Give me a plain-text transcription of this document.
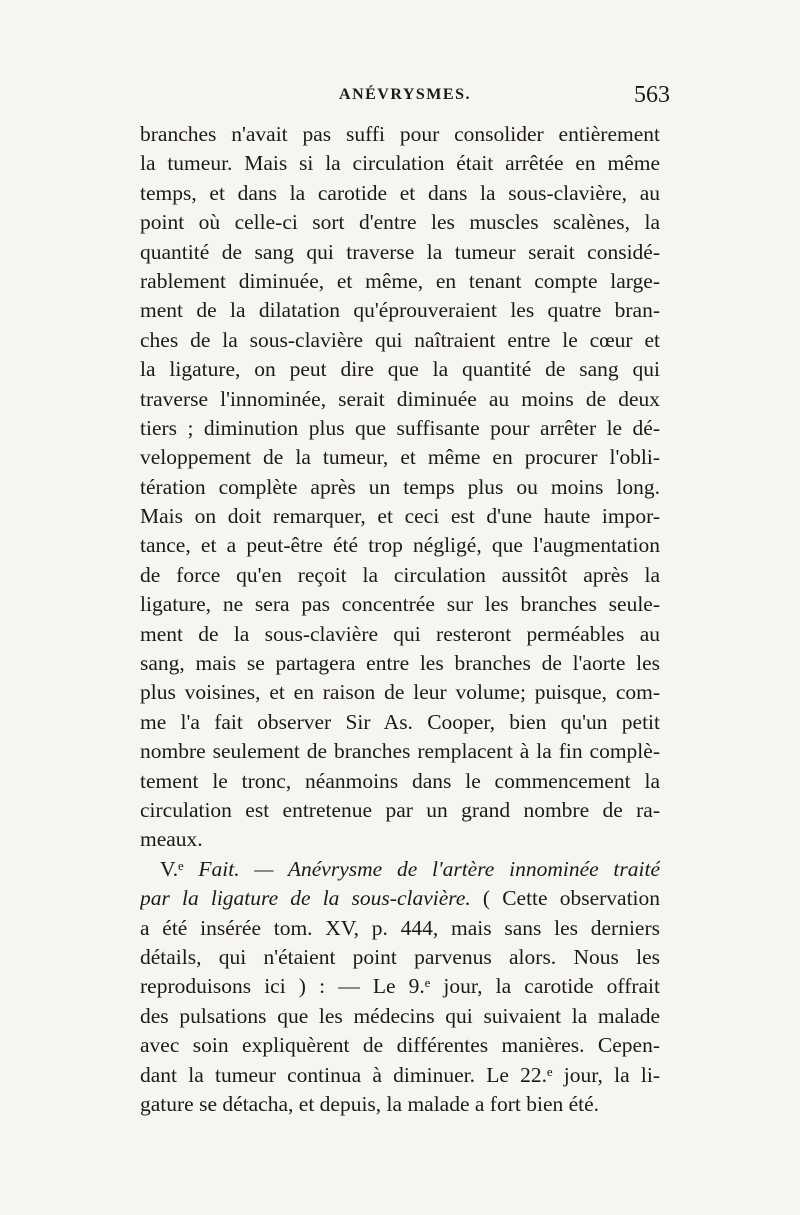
ANÉVRYSMES.	563
branches n'avait pas suffi pour consolider entièrement
la tumeur. Mais si la circulation était arrêtée en même
temps, et dans la carotide et dans la sous-clavière, au
point où celle-ci sort d'entre les muscles scalènes, la
quantité de sang qui traverse la tumeur serait considé-
rablement diminuée, et même, en tenant compte large-
ment de la dilatation qu'éprouveraient les quatre bran-
ches de la sous-clavière qui naîtraient entre le cœur et
la ligature, on peut dire que la quantité de sang qui
traverse l'innominée, serait diminuée au moins de deux
tiers ; diminution plus que suffisante pour arrêter le dé-
veloppement de la tumeur, et même en procurer l'obli-
tération complète après un temps plus ou moins long.
Mais on doit remarquer, et ceci est d'une haute impor-
tance, et a peut-être été trop négligé, que l'augmentation
de force qu'en reçoit la circulation aussitôt après la
ligature, ne sera pas concentrée sur les branches seule-
ment de la sous-clavière qui resteront perméables au
sang, mais se partagera entre les branches de l'aorte les
plus voisines, et en raison de leur volume; puisque, com-
me l'a fait observer Sir As. Cooper, bien qu'un petit
nombre seulement de branches remplacent à la fin complè-
tement le tronc, néanmoins dans le commencement la
circulation est entretenue par un grand nombre de ra-
meaux.
V.ᵉ Fait. — Anévrysme de l'artère innominée traité
par la ligature de la sous-clavière. ( Cette observation
a été insérée tom. XV, p. 444, mais sans les derniers
détails, qui n'étaient point parvenus alors. Nous les
reproduisons ici ) : — Le 9.ᵉ jour, la carotide offrait
des pulsations que les médecins qui suivaient la malade
avec soin expliquèrent de différentes manières. Cepen-
dant la tumeur continua à diminuer. Le 22.ᵉ jour, la li-
gature se détacha, et depuis, la malade a fort bien été.
